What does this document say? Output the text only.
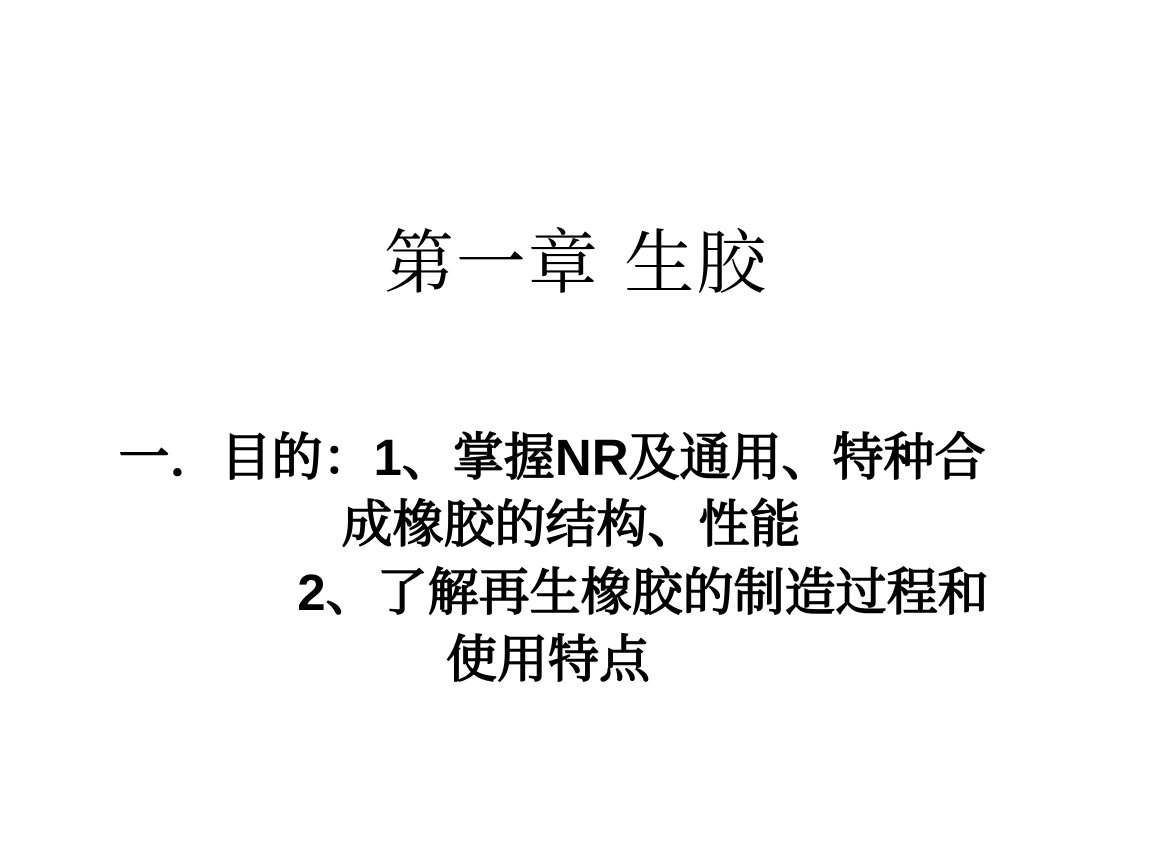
第一章 生胶
一．目的：1、掌握NR及通用、特种合
成橡胶的结构、性能
2、了解再生橡胶的制造过程和
使用特点
